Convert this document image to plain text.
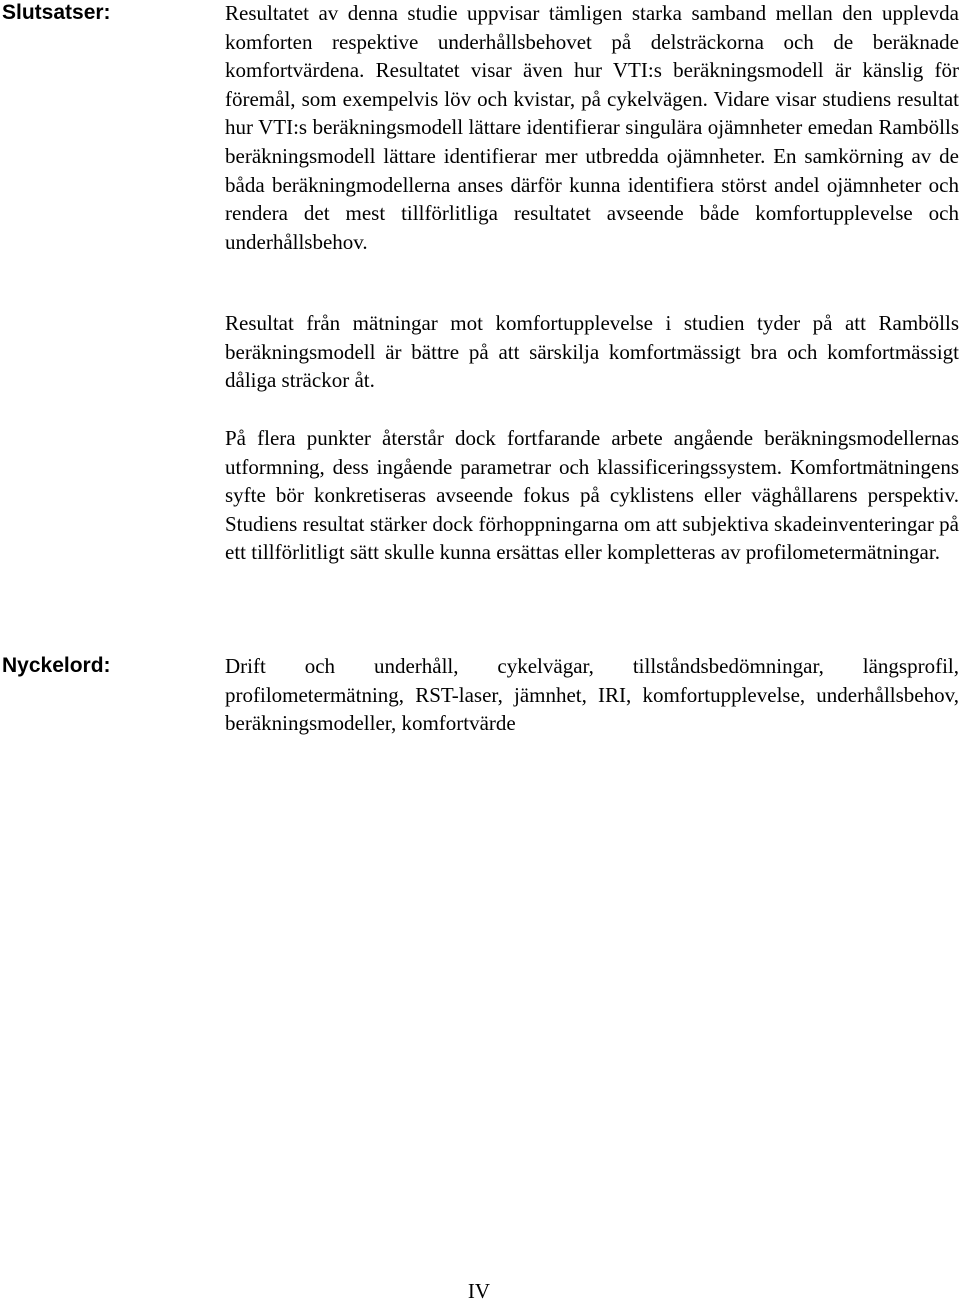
Slutsatser:	Resultatet av denna studie uppvisar tämligen starka samband mellan den upplevda komforten respektive underhållsbehovet på delsträckorna och de beräknade komfortvärdena. Resultatet visar även hur VTI:s beräkningsmodell är känslig för föremål, som exempelvis löv och kvistar, på cykelvägen. Vidare visar studiens resultat hur VTI:s beräkningsmodell lättare identifierar singulära ojämnheter emedan Rambölls beräkningsmodell lättare identifierar mer utbredda ojämnheter. En samkörning av de båda beräkningmodellerna anses därför kunna identifiera störst andel ojämnheter och rendera det mest tillförlitliga resultatet avseende både komfortupplevelse och underhållsbehov.

Resultat från mätningar mot komfortupplevelse i studien tyder på att Rambölls beräkningsmodell är bättre på att särskilja komfortmässigt bra och komfortmässigt dåliga sträckor åt.

På flera punkter återstår dock fortfarande arbete angående beräkningsmodellernas utformning, dess ingående parametrar och klassificeringssystem. Komfortmätningens syfte bör konkretiseras avseende fokus på cyklistens eller väghållarens perspektiv. Studiens resultat stärker dock förhoppningarna om att subjektiva skadeinventeringar på ett tillförlitligt sätt skulle kunna ersättas eller kompletteras av profilometermätningar.

Nyckelord:	Drift och underhåll, cykelvägar, tillståndsbedömningar, längsprofil, profilometermätning, RST-laser, jämnhet, IRI, komfortupplevelse, underhållsbehov, beräkningsmodeller, komfortvärde

IV
